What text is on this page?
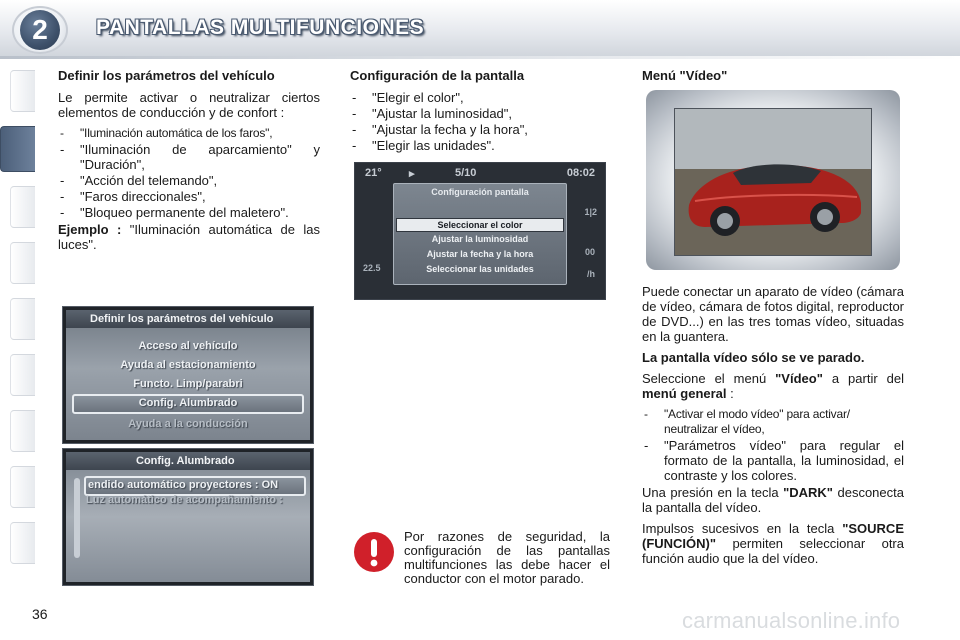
2	PANTALLAS MULTIFUNCIONES
Definir los parámetros del vehículo

Le permite activar o neutralizar ciertos elementos de conducción y de confort :

- "Iluminación automática de los faros",
- "Iluminación de aparcamiento" y "Duración",
- "Acción del telemando",
- "Faros direccionales",
- "Bloqueo permanente del maletero".

Ejemplo : "Iluminación automática de las luces".

Definir los parámetros del vehículo
Acceso al vehículo
Ayuda al estacionamiento
Functo. Limp/parabri
Config. Alumbrado
Ayuda a la conducción
Config. Alumbrado
endido automático proyectores : ON
Luz automático de acompañamiento :
Configuración de la pantalla
- "Elegir el color",
- "Ajustar la luminosidad",
- "Ajustar la fecha y la hora",
- "Elegir las unidades".
21° ▸	5/10	08:02
Configuración pantalla
Seleccionar el color
Ajustar la luminosidad
Ajustar la fecha y la hora
Seleccionar las unidades
22.5
1|2
00
/h
Por razones de seguridad, la configuración de las pantallas multifunciones las debe hacer el conductor con el motor parado.
Menú "Vídeo"

Puede conectar un aparato de vídeo (cámara de vídeo, cámara de fotos digital, reproductor de DVD...) en las tres tomas vídeo, situadas en la guantera.

La pantalla vídeo sólo se ve parado.

Seleccione el menú "Vídeo" a partir del menú general :

- "Activar el modo vídeo" para activar/ neutralizar el vídeo,
- "Parámetros vídeo" para regular el formato de la pantalla, la luminosidad, el contraste y los colores.

Una presión en la tecla "DARK" desconecta la pantalla del vídeo.

Impulsos sucesivos en la tecla "SOURCE (FUNCIÓN)" permiten seleccionar otra función audio que la del vídeo.

36	carmanualsonline.info
